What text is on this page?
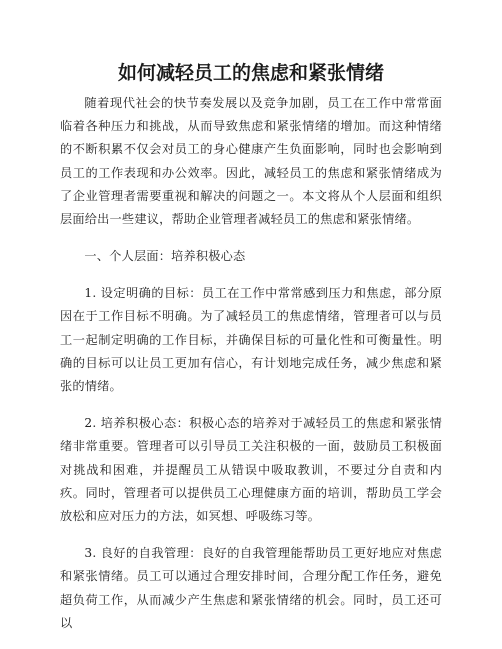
如何减轻员工的焦虑和紧张情绪

随着现代社会的快节奏发展以及竞争加剧，员工在工作中常常面临着各种压力和挑战，从而导致焦虑和紧张情绪的增加。而这种情绪的不断积累不仅会对员工的身心健康产生负面影响，同时也会影响到员工的工作表现和办公效率。因此，减轻员工的焦虑和紧张情绪成为了企业管理者需要重视和解决的问题之一。本文将从个人层面和组织层面给出一些建议，帮助企业管理者减轻员工的焦虑和紧张情绪。

一、个人层面：培养积极心态

1. 设定明确的目标：员工在工作中常常感到压力和焦虑，部分原因在于工作目标不明确。为了减轻员工的焦虑情绪，管理者可以与员工一起制定明确的工作目标，并确保目标的可量化性和可衡量性。明确的目标可以让员工更加有信心，有计划地完成任务，减少焦虑和紧张的情绪。

2. 培养积极心态：积极心态的培养对于减轻员工的焦虑和紧张情绪非常重要。管理者可以引导员工关注积极的一面，鼓励员工积极面对挑战和困难，并提醒员工从错误中吸取教训，不要过分自责和内疚。同时，管理者可以提供员工心理健康方面的培训，帮助员工学会放松和应对压力的方法，如冥想、呼吸练习等。

3. 良好的自我管理：良好的自我管理能帮助员工更好地应对焦虑和紧张情绪。员工可以通过合理安排时间，合理分配工作任务，避免超负荷工作，从而减少产生焦虑和紧张情绪的机会。同时，员工还可以
